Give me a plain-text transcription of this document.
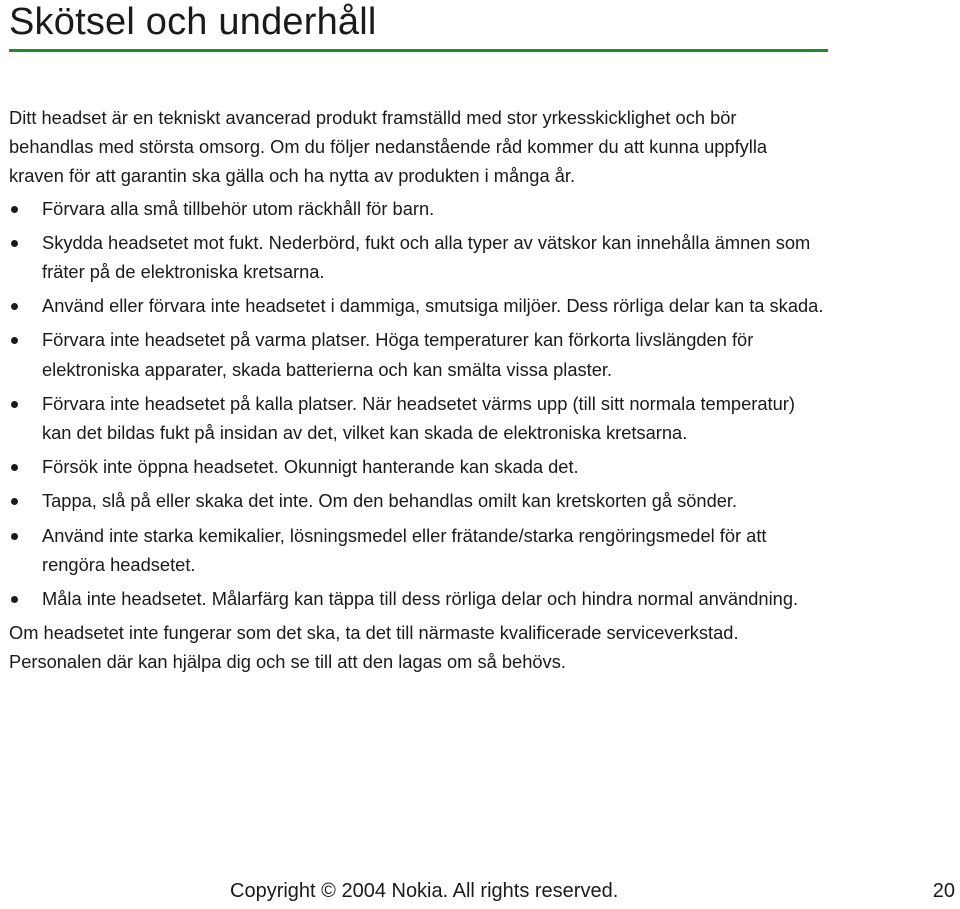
Skötsel och underhåll

Ditt headset är en tekniskt avancerad produkt framställd med stor yrkesskicklighet och bör behandlas med största omsorg. Om du följer nedanstående råd kommer du att kunna uppfylla kraven för att garantin ska gälla och ha nytta av produkten i många år.

Förvara alla små tillbehör utom räckhåll för barn.
Skydda headsetet mot fukt. Nederbörd, fukt och alla typer av vätskor kan innehålla ämnen som fräter på de elektroniska kretsarna.
Använd eller förvara inte headsetet i dammiga, smutsiga miljöer. Dess rörliga delar kan ta skada.
Förvara inte headsetet på varma platser. Höga temperaturer kan förkorta livslängden för elektroniska apparater, skada batterierna och kan smälta vissa plaster.
Förvara inte headsetet på kalla platser. När headsetet värms upp (till sitt normala temperatur) kan det bildas fukt på insidan av det, vilket kan skada de elektroniska kretsarna.
Försök inte öppna headsetet. Okunnigt hanterande kan skada det.
Tappa, slå på eller skaka det inte. Om den behandlas omilt kan kretskorten gå sönder.
Använd inte starka kemikalier, lösningsmedel eller frätande/starka rengöringsmedel för att rengöra headsetet.
Måla inte headsetet. Målarfärg kan täppa till dess rörliga delar och hindra normal användning.

Om headsetet inte fungerar som det ska, ta det till närmaste kvalificerade serviceverkstad. Personalen där kan hjälpa dig och se till att den lagas om så behövs.

Copyright © 2004 Nokia. All rights reserved.	20
